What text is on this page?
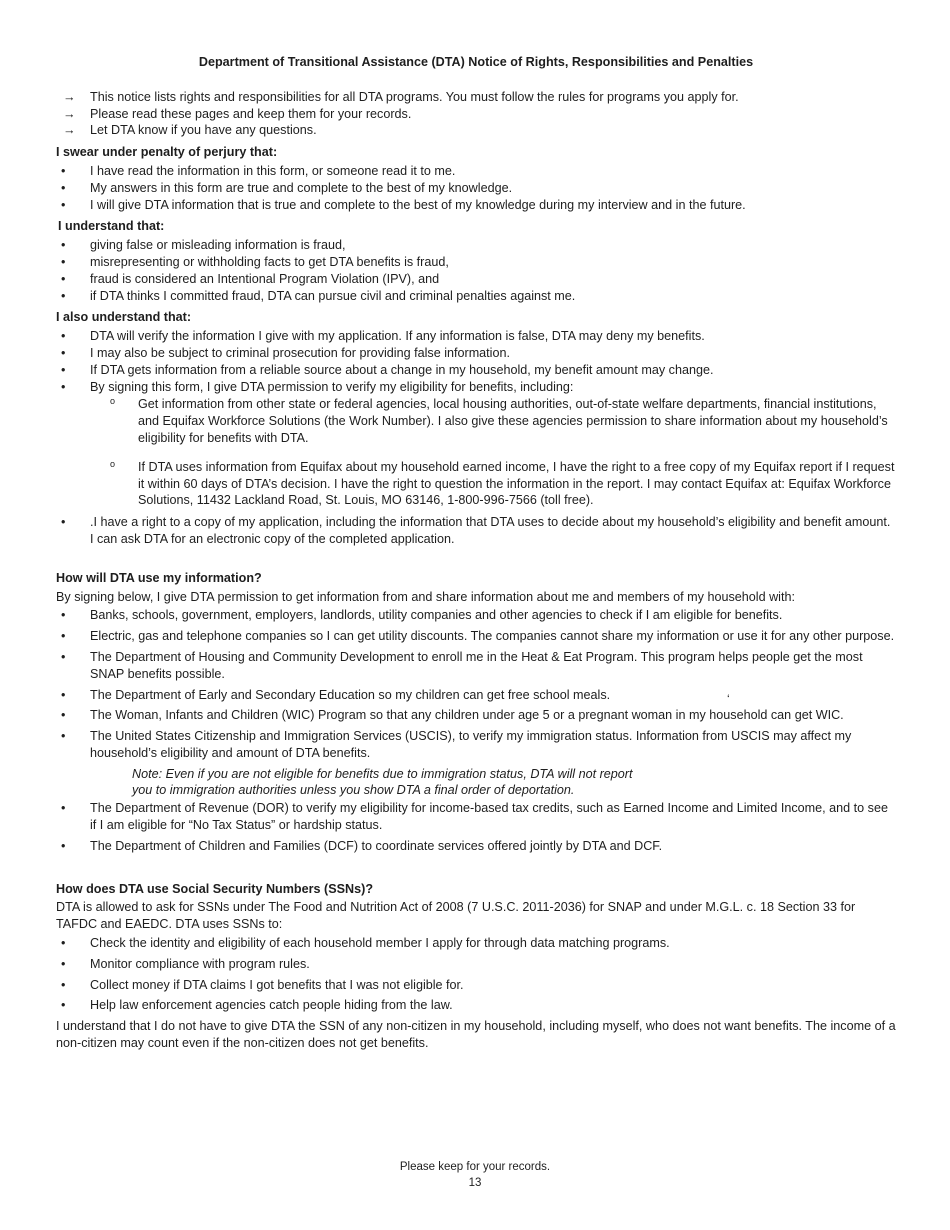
Department of Transitional Assistance (DTA) Notice of Rights, Responsibilities and Penalties
→ This notice lists rights and responsibilities for all DTA programs. You must follow the rules for programs you apply for.
→ Please read these pages and keep them for your records.
→ Let DTA know if you have any questions.
I swear under penalty of perjury that:
• I have read the information in this form, or someone read it to me.
• My answers in this form are true and complete to the best of my knowledge.
• I will give DTA information that is true and complete to the best of my knowledge during my interview and in the future.
I understand that:
• giving false or misleading information is fraud,
• misrepresenting or withholding facts to get DTA benefits is fraud,
• fraud is considered an Intentional Program Violation (IPV), and
• if DTA thinks I committed fraud, DTA can pursue civil and criminal penalties against me.
I also understand that:
• DTA will verify the information I give with my application. If any information is false, DTA may deny my benefits.
• I may also be subject to criminal prosecution for providing false information.
• If DTA gets information from a reliable source about a change in my household, my benefit amount may change.
• By signing this form, I give DTA permission to verify my eligibility for benefits, including:
o Get information from other state or federal agencies, local housing authorities, out-of-state welfare departments, financial institutions, and Equifax Workforce Solutions (the Work Number). I also give these agencies permission to share information about my household’s eligibility for benefits with DTA.
o If DTA uses information from Equifax about my household earned income, I have the right to a free copy of my Equifax report if I request it within 60 days of DTA’s decision. I have the right to question the information in the report. I may contact Equifax at: Equifax Workforce Solutions, 11432 Lackland Road, St. Louis, MO 63146, 1-800-996-7566 (toll free).
• .I have a right to a copy of my application, including the information that DTA uses to decide about my household’s eligibility and benefit amount. I can ask DTA for an electronic copy of the completed application.
How will DTA use my information?
By signing below, I give DTA permission to get information from and share information about me and members of my household with:
• Banks, schools, government, employers, landlords, utility companies and other agencies to check if I am eligible for benefits.
• Electric, gas and telephone companies so I can get utility discounts. The companies cannot share my information or use it for any other purpose.
• The Department of Housing and Community Development to enroll me in the Heat & Eat Program. This program helps people get the most SNAP benefits possible.
• The Department of Early and Secondary Education so my children can get free school meals.
• The Woman, Infants and Children (WIC) Program so that any children under age 5 or a pregnant woman in my household can get WIC.
• The United States Citizenship and Immigration Services (USCIS), to verify my immigration status. Information from USCIS may affect my household’s eligibility and amount of DTA benefits.
Note: Even if you are not eligible for benefits due to immigration status, DTA will not report
you to immigration authorities unless you show DTA a final order of deportation.
• The Department of Revenue (DOR) to verify my eligibility for income-based tax credits, such as Earned Income and Limited Income, and to see if I am eligible for “No Tax Status” or hardship status.
• The Department of Children and Families (DCF) to coordinate services offered jointly by DTA and DCF.
How does DTA use Social Security Numbers (SSNs)?
DTA is allowed to ask for SSNs under The Food and Nutrition Act of 2008 (7 U.S.C. 2011-2036) for SNAP and under M.G.L. c. 18 Section 33 for TAFDC and EAEDC. DTA uses SSNs to:
• Check the identity and eligibility of each household member I apply for through data matching programs.
• Monitor compliance with program rules.
• Collect money if DTA claims I got benefits that I was not eligible for.
• Help law enforcement agencies catch people hiding from the law.
I understand that I do not have to give DTA the SSN of any non-citizen in my household, including myself, who does not want benefits. The income of a non-citizen may count even if the non-citizen does not get benefits.
‘
Please keep for your records.
13
